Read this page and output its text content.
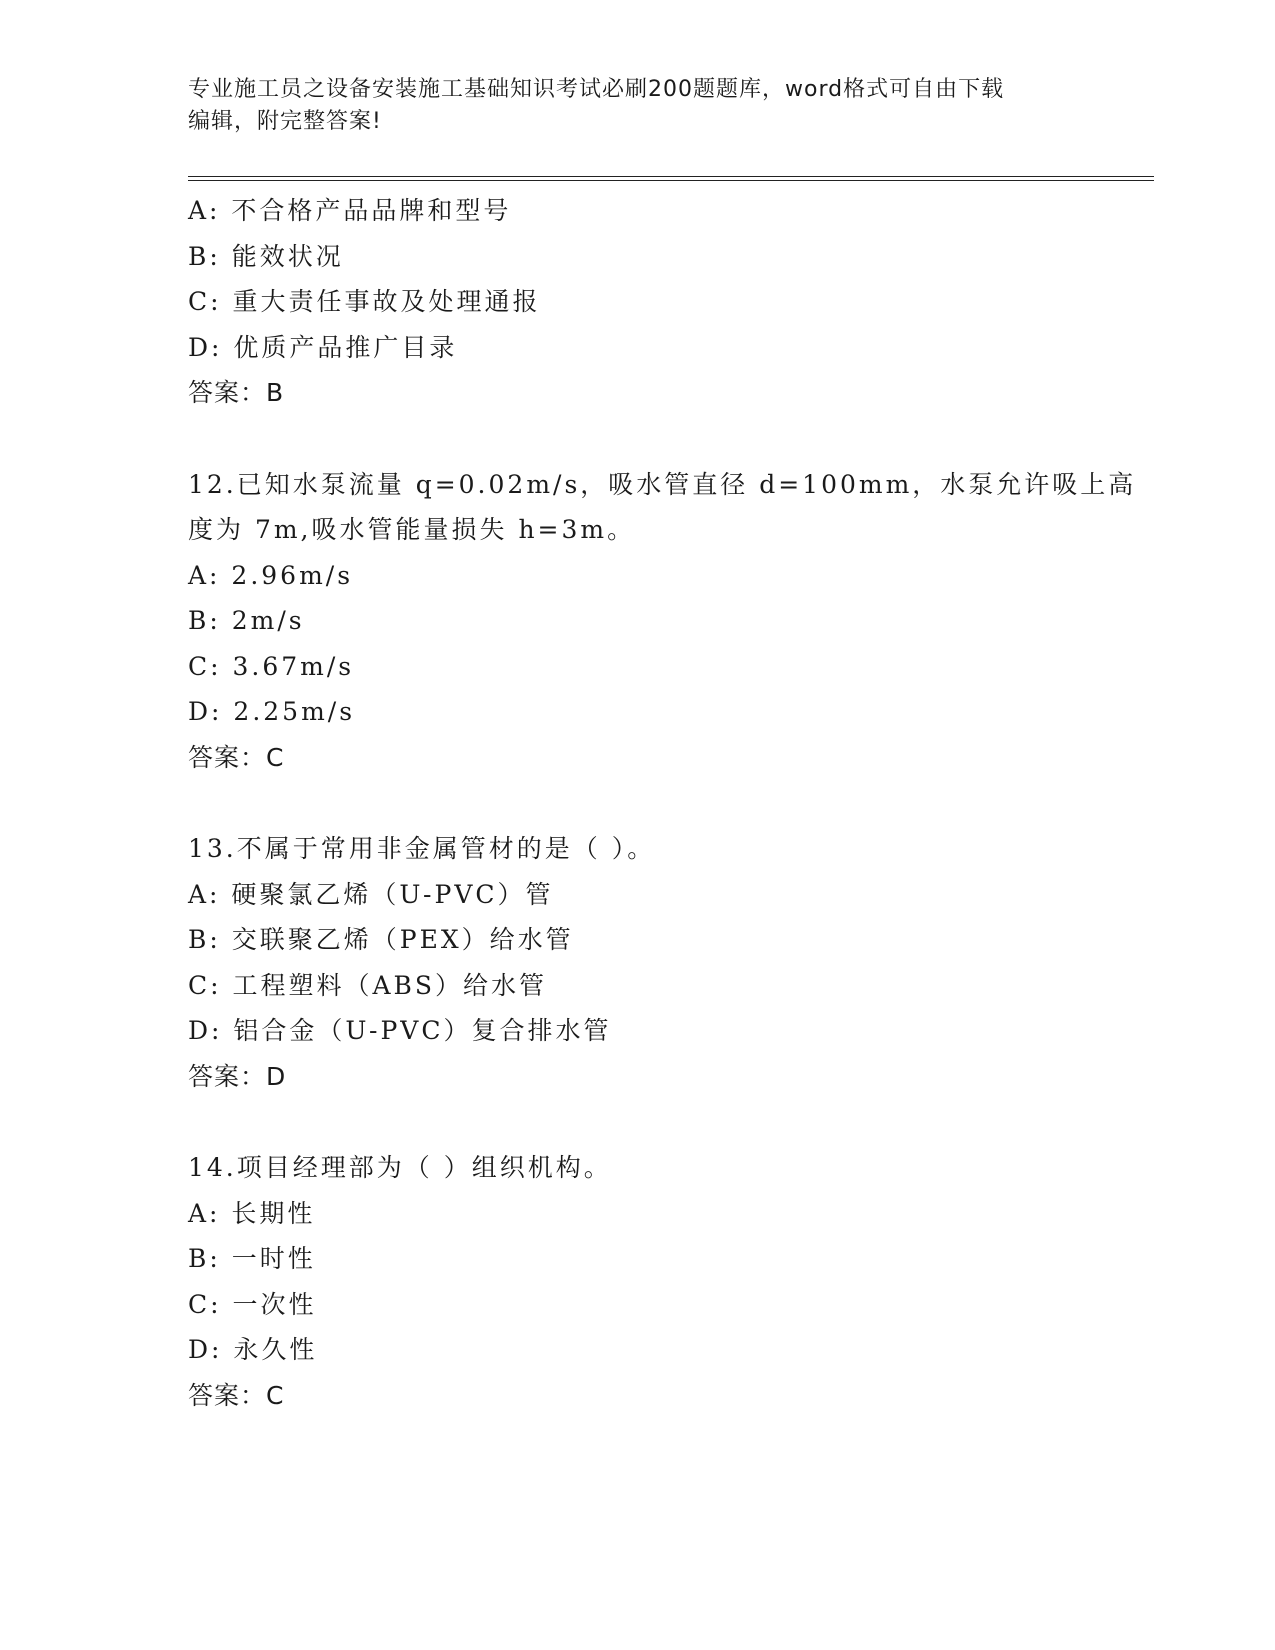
专业施工员之设备安装施工基础知识考试必刷200题题库，word格式可自由下载
编辑，附完整答案!
A: 不合格产品品牌和型号
B: 能效状况
C: 重大责任事故及处理通报
D: 优质产品推广目录
答案：B
12.已知水泵流量 q=0.02m/s，吸水管直径 d=100mm，水泵允许吸上高
度为 7m,吸水管能量损失 h=3m。
A: 2.96m/s
B: 2m/s
C: 3.67m/s
D: 2.25m/s
答案：C
13.不属于常用非金属管材的是（ ）。
A: 硬聚氯乙烯（U-PVC）管
B: 交联聚乙烯（PEX）给水管
C: 工程塑料（ABS）给水管
D: 铝合金（U-PVC）复合排水管
答案：D
14.项目经理部为（ ）组织机构。
A: 长期性
B: 一时性
C: 一次性
D: 永久性
答案：C
